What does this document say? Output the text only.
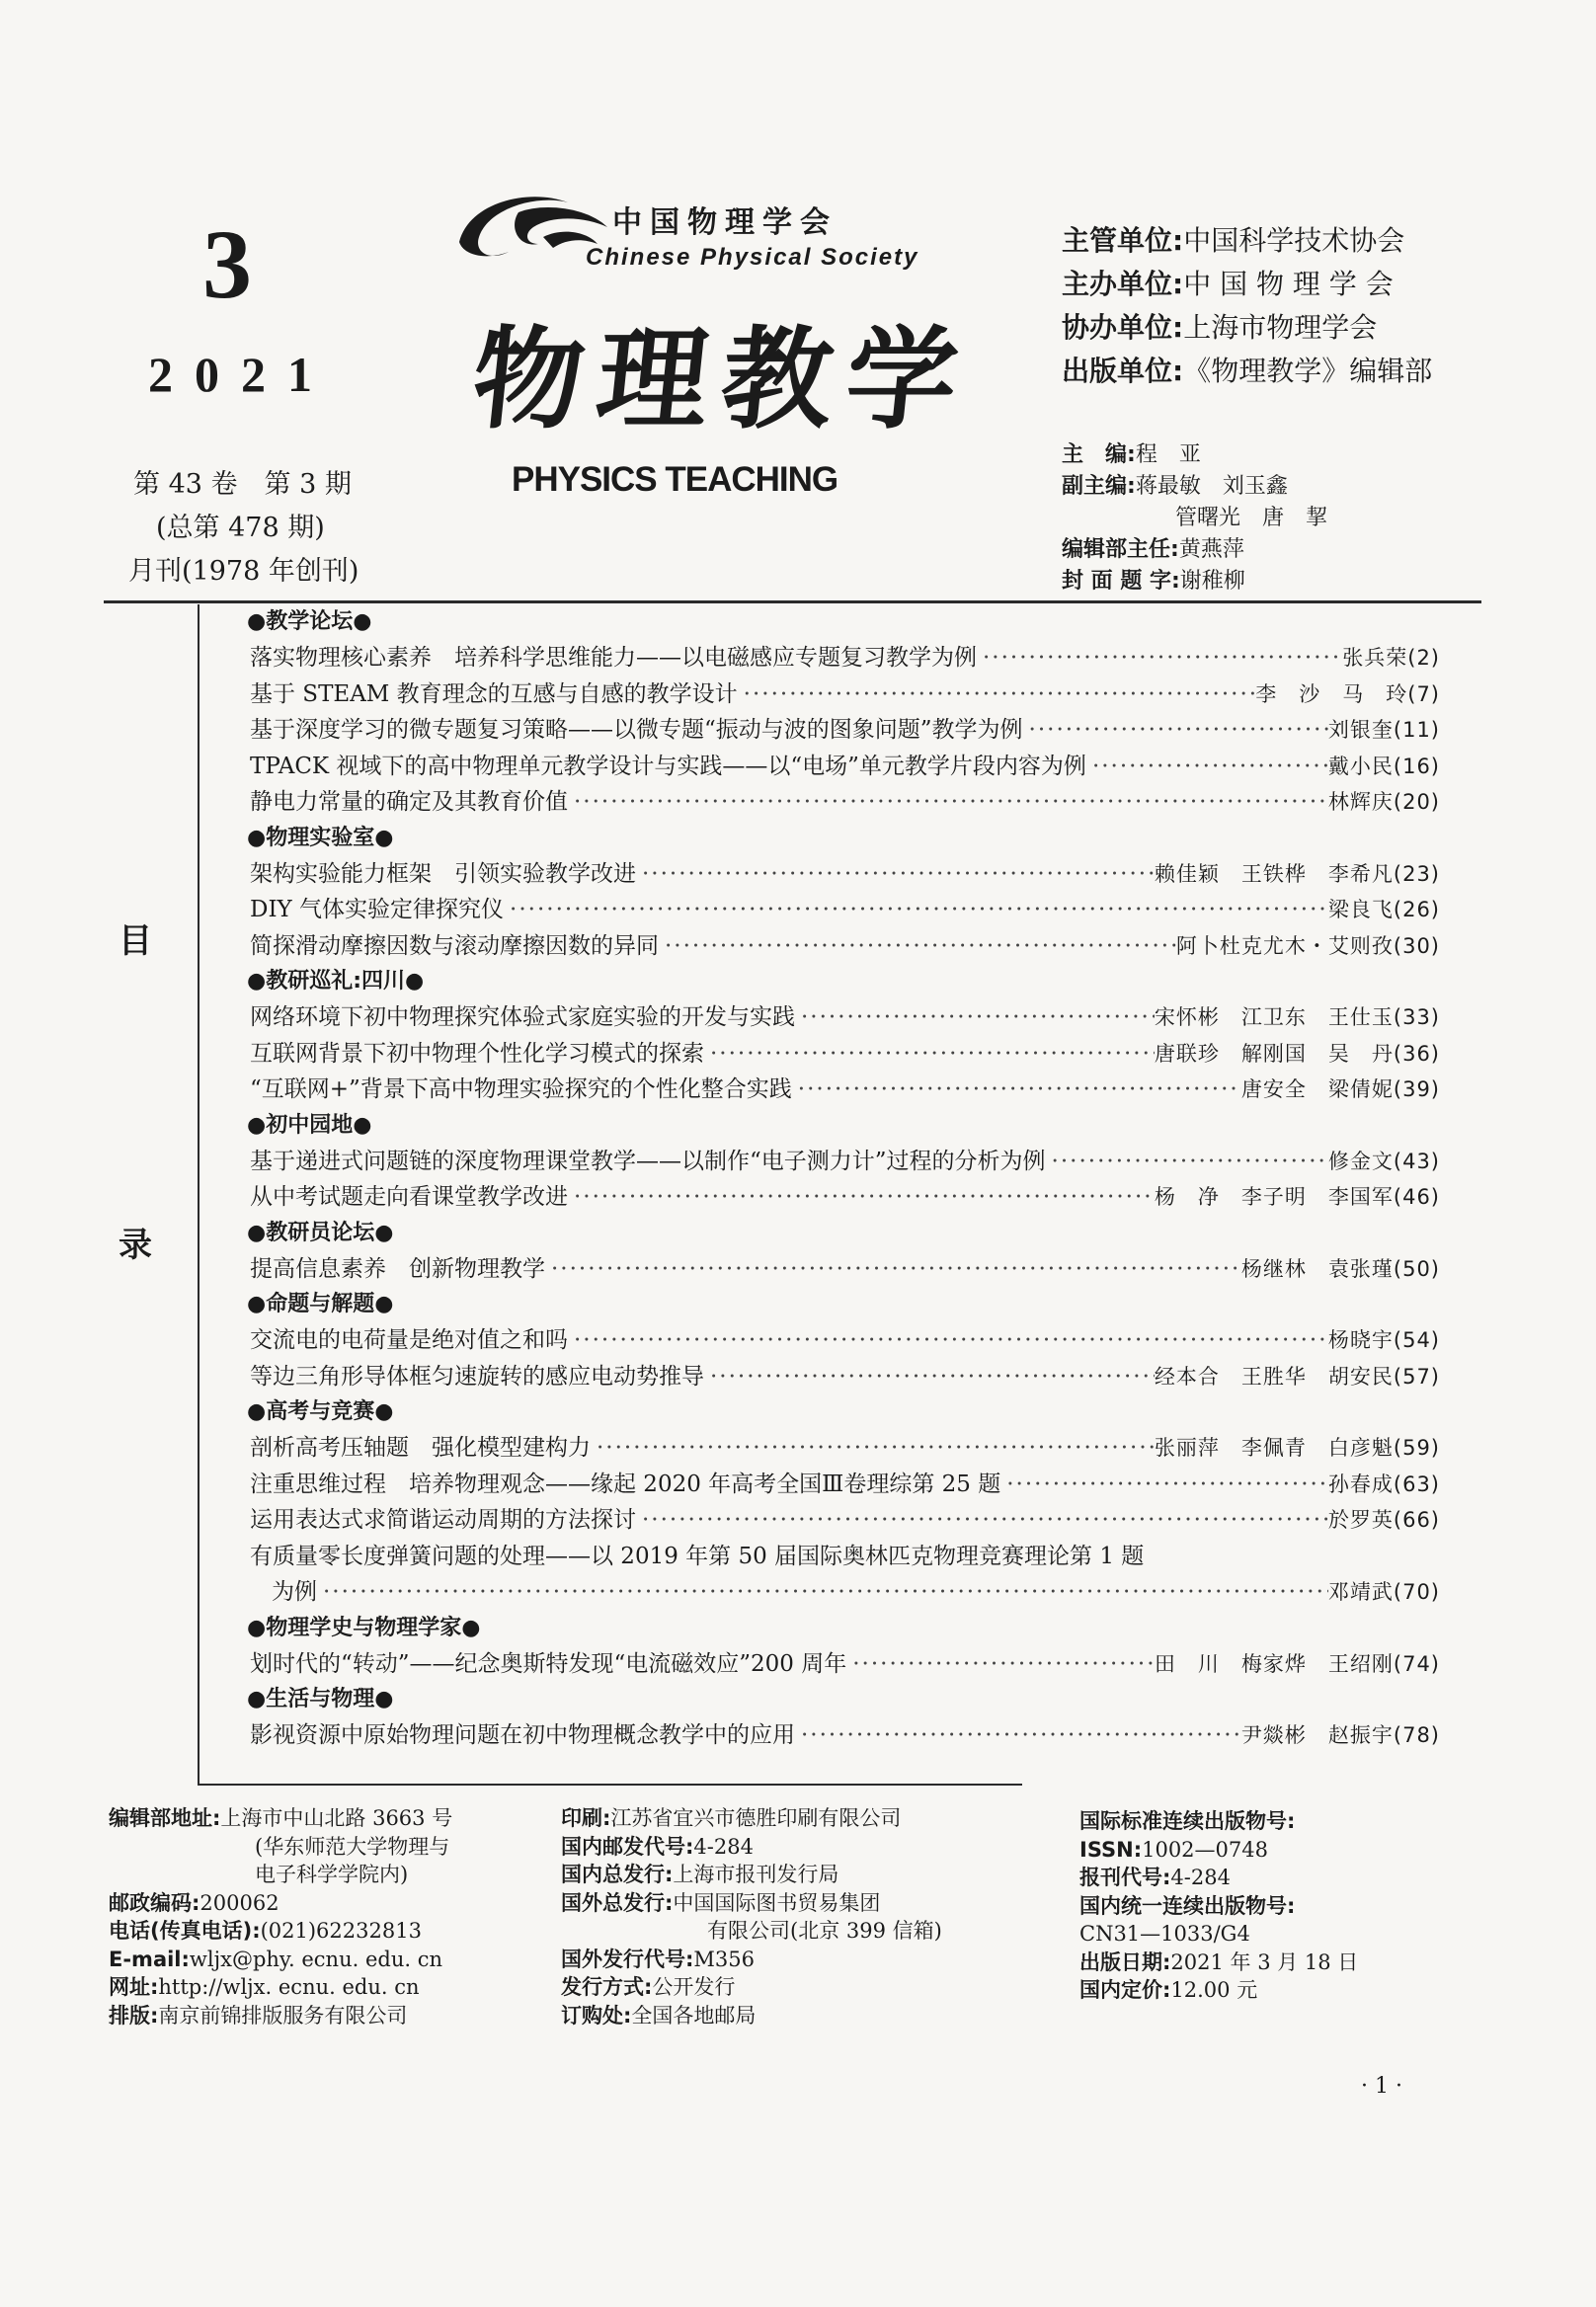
3
2021
第 43 卷　第 3 期
(总第 478 期)
月刊(1978 年创刊)
中国物理学会
Chinese Physical Society
物理教学
PHYSICS TEACHING
主管单位:中国科学技术协会
主办单位:中 国 物 理 学 会
协办单位:上海市物理学会
出版单位:《物理教学》编辑部
主　编:程　亚
副主编:蒋最敏　刘玉鑫
管曙光　唐　挈
编辑部主任:黄燕萍
封 面 题 字:谢稚柳
目
录
●教学论坛●
落实物理核心素养　培养科学思维能力——以电磁感应专题复习教学为例 ·····	张兵荣(2)
基于 STEAM 教育理念的互感与自感的教学设计 ·····	李　沙　马　玲(7)
基于深度学习的微专题复习策略——以微专题“振动与波的图象问题”教学为例 ·····	刘银奎(11)
TPACK 视域下的高中物理单元教学设计与实践——以“电场”单元教学片段内容为例 ·····	戴小民(16)
静电力常量的确定及其教育价值 ·····	林辉庆(20)
●物理实验室●
架构实验能力框架　引领实验教学改进 ·····	赖佳颖　王铁桦　李希凡(23)
DIY 气体实验定律探究仪 ·····	梁良飞(26)
简探滑动摩擦因数与滚动摩擦因数的异同 ·····	阿卜杜克尤木・艾则孜(30)
●教研巡礼:四川●
网络环境下初中物理探究体验式家庭实验的开发与实践 ·····	宋怀彬　江卫东　王仕玉(33)
互联网背景下初中物理个性化学习模式的探索 ·····	唐联珍　解刚国　吴　丹(36)
“互联网+”背景下高中物理实验探究的个性化整合实践 ·····	唐安全　梁倩妮(39)
●初中园地●
基于递进式问题链的深度物理课堂教学——以制作“电子测力计”过程的分析为例 ·····	修金文(43)
从中考试题走向看课堂教学改进 ·····	杨　净　李子明　李国军(46)
●教研员论坛●
提高信息素养　创新物理教学 ·····	杨继林　袁张瑾(50)
●命题与解题●
交流电的电荷量是绝对值之和吗 ·····	杨晓宇(54)
等边三角形导体框匀速旋转的感应电动势推导 ·····	经本合　王胜华　胡安民(57)
●高考与竞赛●
剖析高考压轴题　强化模型建构力 ·····	张丽萍　李佩青　白彦魁(59)
注重思维过程　培养物理观念——缘起 2020 年高考全国Ⅲ卷理综第 25 题 ·····	孙春成(63)
运用表达式求简谐运动周期的方法探讨 ·····	於罗英(66)
有质量零长度弹簧问题的处理——以 2019 年第 50 届国际奥林匹克物理竞赛理论第 1 题
为例 ·····	邓靖武(70)
●物理学史与物理学家●
划时代的“转动”——纪念奥斯特发现“电流磁效应”200 周年 ·····	田　川　梅家烨　王绍刚(74)
●生活与物理●
影视资源中原始物理问题在初中物理概念教学中的应用 ·····	尹燚彬　赵振宇(78)
编辑部地址:上海市中山北路 3663 号
(华东师范大学物理与
电子科学学院内)
邮政编码:200062
电话(传真电话):(021)62232813
E-mail:wljx@phy. ecnu. edu. cn
网址:http://wljx. ecnu. edu. cn
排版:南京前锦排版服务有限公司
印刷:江苏省宜兴市德胜印刷有限公司
国内邮发代号:4-284
国内总发行:上海市报刊发行局
国外总发行:中国国际图书贸易集团
有限公司(北京 399 信箱)
国外发行代号:M356
发行方式:公开发行
订购处:全国各地邮局
国际标准连续出版物号:
ISSN:1002—0748
报刊代号:4-284
国内统一连续出版物号:
CN31—1033/G4
出版日期:2021 年 3 月 18 日
国内定价:12.00 元
· 1 ·
